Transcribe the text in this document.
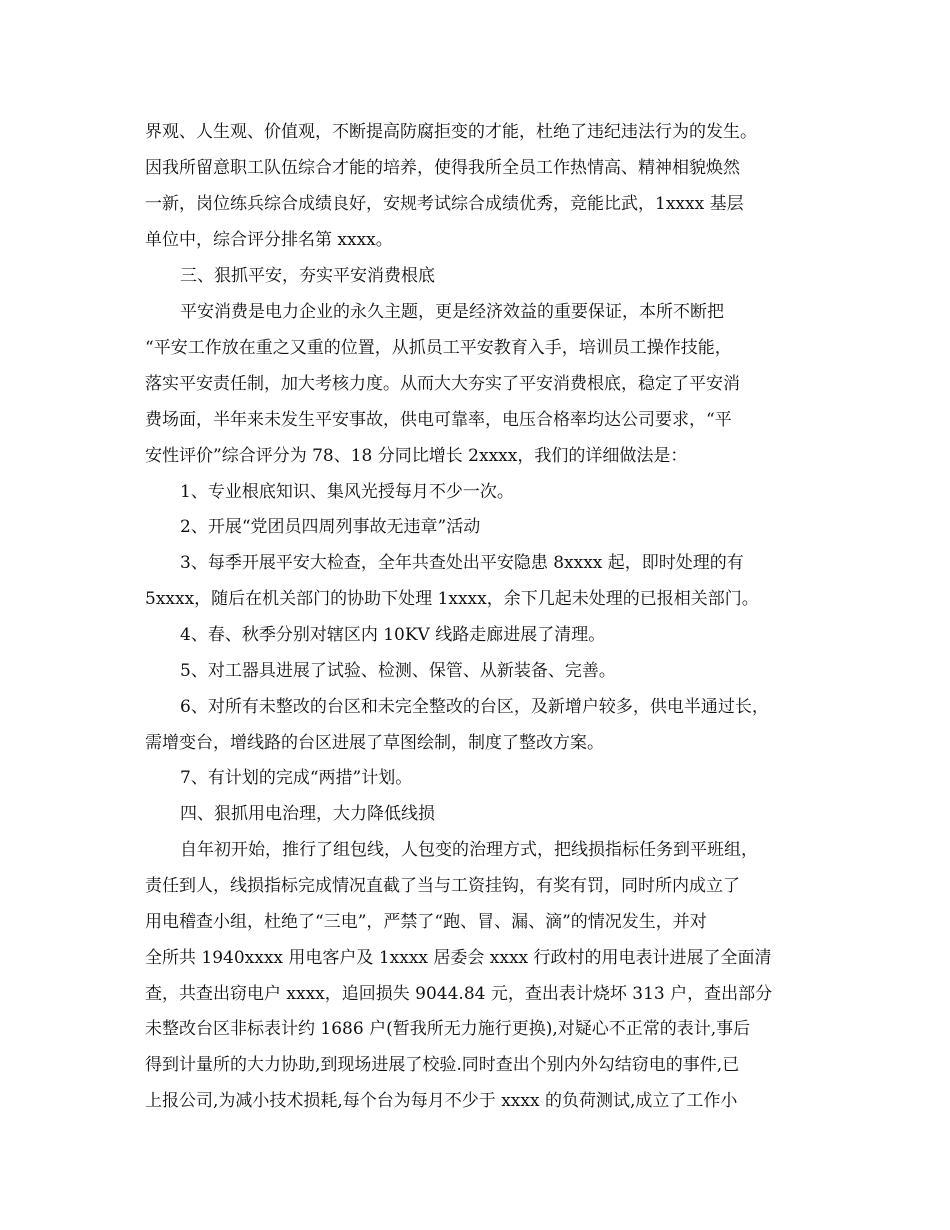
界观、人生观、价值观，不断提高防腐拒变的才能，杜绝了违纪违法行为的发生。
因我所留意职工队伍综合才能的培养，使得我所全员工作热情高、精神相貌焕然
一新，岗位练兵综合成绩良好，安规考试综合成绩优秀，竞能比武，1xxxx 基层
单位中，综合评分排名第 xxxx。
三、狠抓平安，夯实平安消费根底
平安消费是电力企业的永久主题，更是经济效益的重要保证，本所不断把
“平安工作放在重之又重的位置，从抓员工平安教育入手，培训员工操作技能，
落实平安责任制，加大考核力度。从而大大夯实了平安消费根底，稳定了平安消
费场面，半年来未发生平安事故，供电可靠率，电压合格率均达公司要求，“平
安性评价”综合评分为 78、18 分同比增长 2xxxx，我们的详细做法是：
1、专业根底知识、集风光授每月不少一次。
2、开展“党团员四周列事故无违章”活动
3、每季开展平安大检查，全年共查处出平安隐患 8xxxx 起，即时处理的有
5xxxx，随后在机关部门的协助下处理 1xxxx，余下几起未处理的已报相关部门。
4、春、秋季分别对辖区内 10KV 线路走廊进展了清理。
5、对工器具进展了试验、检测、保管、从新装备、完善。
6、对所有未整改的台区和未完全整改的台区，及新增户较多，供电半通过长，
需增变台，增线路的台区进展了草图绘制，制度了整改方案。
7、有计划的完成“两措”计划。
四、狠抓用电治理，大力降低线损
自年初开始，推行了组包线，人包变的治理方式，把线损指标任务到平班组，
责任到人，线损指标完成情况直截了当与工资挂钩，有奖有罚，同时所内成立了
用电稽查小组，杜绝了“三电”，严禁了“跑、冒、漏、滴”的情况发生，并对
全所共 1940xxxx 用电客户及 1xxxx 居委会 xxxx 行政村的用电表计进展了全面清
查，共查出窃电户 xxxx，追回损失 9044.84 元，查出表计烧坏 313 户，查出部分
未整改台区非标表计约 1686 户(暂我所无力施行更换),对疑心不正常的表计,事后
得到计量所的大力协助,到现场进展了校验.同时查出个别内外勾结窃电的事件,已
上报公司,为减小技术损耗,每个台为每月不少于 xxxx 的负荷测试,成立了工作小
